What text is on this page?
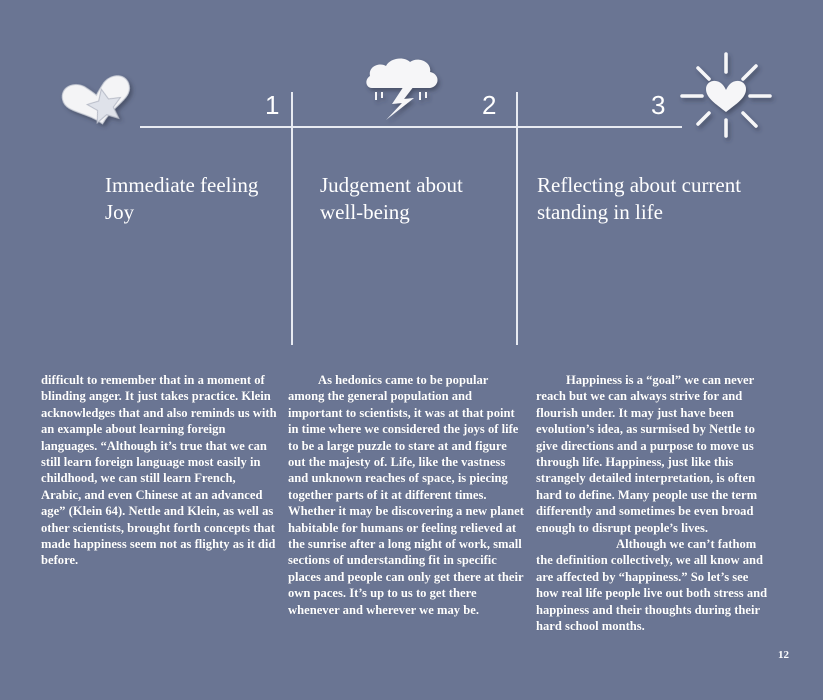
1	2	3
Immediate feeling
Joy
Judgement about
well-being
Reflecting about current
standing in life

difficult to remember that in a moment of blinding anger. It just takes practice. Klein acknowledges that and also reminds us with an example about learning foreign languages. “Although it’s true that we can still learn foreign language most easily in childhood, we can still learn French, Arabic, and even Chinese at an advanced age” (Klein 64). Nettle and Klein, as well as other scientists, brought forth concepts that made happiness seem not as flighty as it did before.

As hedonics came to be popular among the general population and important to scientists, it was at that point in time where we considered the joys of life to be a large puzzle to stare at and figure out the majesty of. Life, like the vastness and unknown reaches of space, is piecing together parts of it at different times. Whether it may be discovering a new planet habitable for humans or feeling relieved at the sunrise after a long night of work, small sections of understanding fit in specific places and people can only get there at their own paces. It’s up to us to get there whenever and wherever we may be.

Happiness is a “goal” we can never reach but we can always strive for and flourish under. It may just have been evolution’s idea, as surmised by Nettle to give directions and a purpose to move us through life. Happiness, just like this strangely detailed interpretation, is often hard to define. Many people use the term differently and sometimes be even broad enough to disrupt people’s lives.

Although we can’t fathom the definition collectively, we all know and are affected by “happiness.” So let’s see how real life people live out both stress and happiness and their thoughts during their hard school months.

12
